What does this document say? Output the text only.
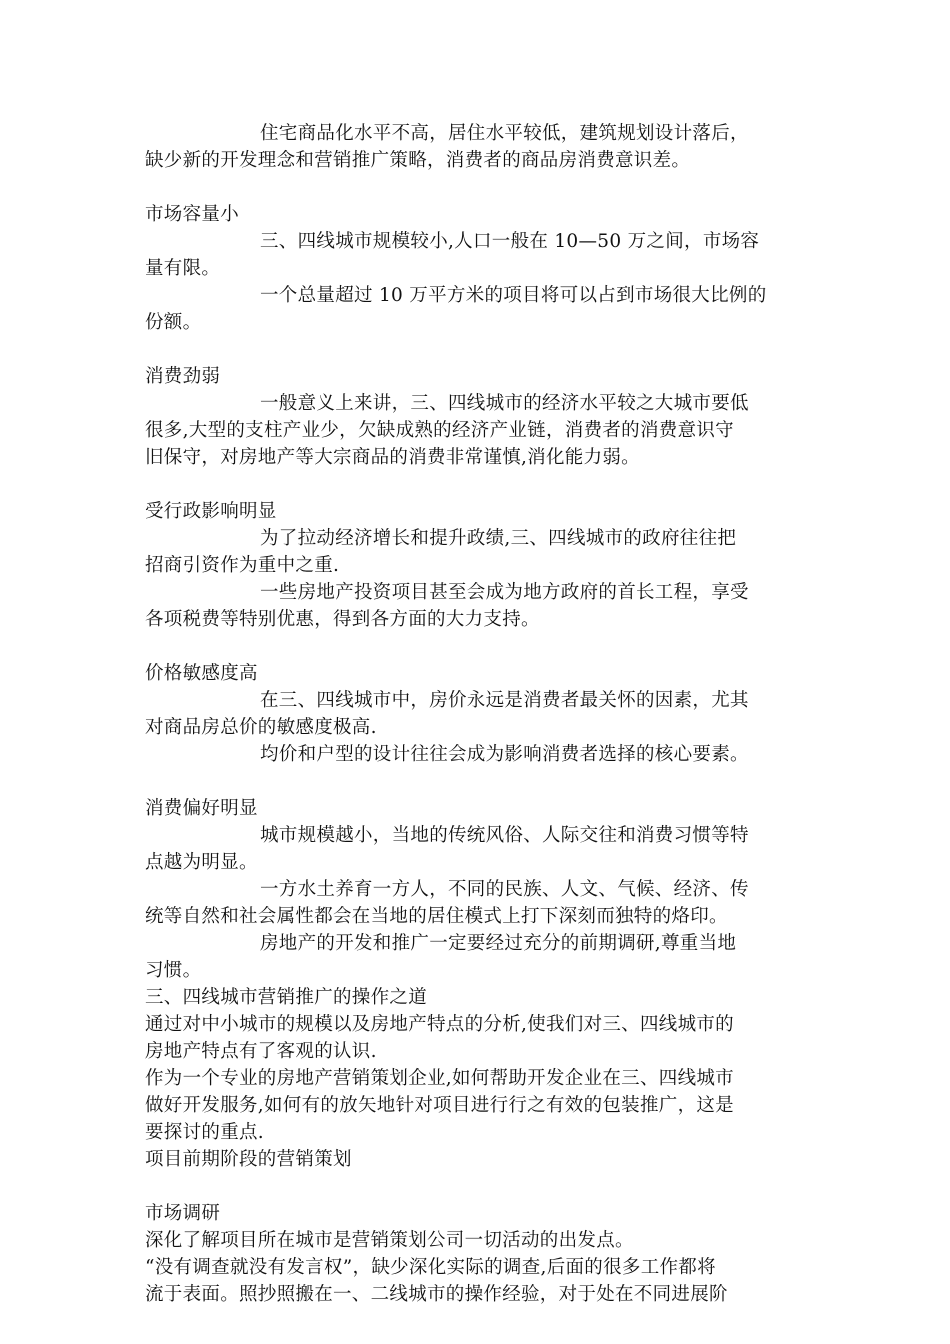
住宅商品化水平不高，居住水平较低，建筑规划设计落后，
缺少新的开发理念和营销推广策略，消费者的商品房消费意识差。
市场容量小
三、四线城市规模较小,人口一般在 10—50 万之间，市场容
量有限。
一个总量超过 10 万平方米的项目将可以占到市场很大比例的
份额。
消费劲弱
一般意义上来讲，三、四线城市的经济水平较之大城市要低
很多,大型的支柱产业少，欠缺成熟的经济产业链，消费者的消费意识守
旧保守，对房地产等大宗商品的消费非常谨慎,消化能力弱。
受行政影响明显
为了拉动经济增长和提升政绩,三、四线城市的政府往往把
招商引资作为重中之重.
一些房地产投资项目甚至会成为地方政府的首长工程，享受
各项税费等特别优惠，得到各方面的大力支持。
价格敏感度高
在三、四线城市中，房价永远是消费者最关怀的因素，尤其
对商品房总价的敏感度极高.
均价和户型的设计往往会成为影响消费者选择的核心要素。
消费偏好明显
城市规模越小，当地的传统风俗、人际交往和消费习惯等特
点越为明显。
一方水土养育一方人，不同的民族、人文、气候、经济、传
统等自然和社会属性都会在当地的居住模式上打下深刻而独特的烙印。
房地产的开发和推广一定要经过充分的前期调研,尊重当地
习惯。
三、四线城市营销推广的操作之道
通过对中小城市的规模以及房地产特点的分析,使我们对三、四线城市的
房地产特点有了客观的认识.
作为一个专业的房地产营销策划企业,如何帮助开发企业在三、四线城市
做好开发服务,如何有的放矢地针对项目进行行之有效的包装推广，这是
要探讨的重点.
项目前期阶段的营销策划
市场调研
深化了解项目所在城市是营销策划公司一切活动的出发点。
“没有调查就没有发言权”，缺少深化实际的调查,后面的很多工作都将
流于表面。照抄照搬在一、二线城市的操作经验，对于处在不同进展阶
